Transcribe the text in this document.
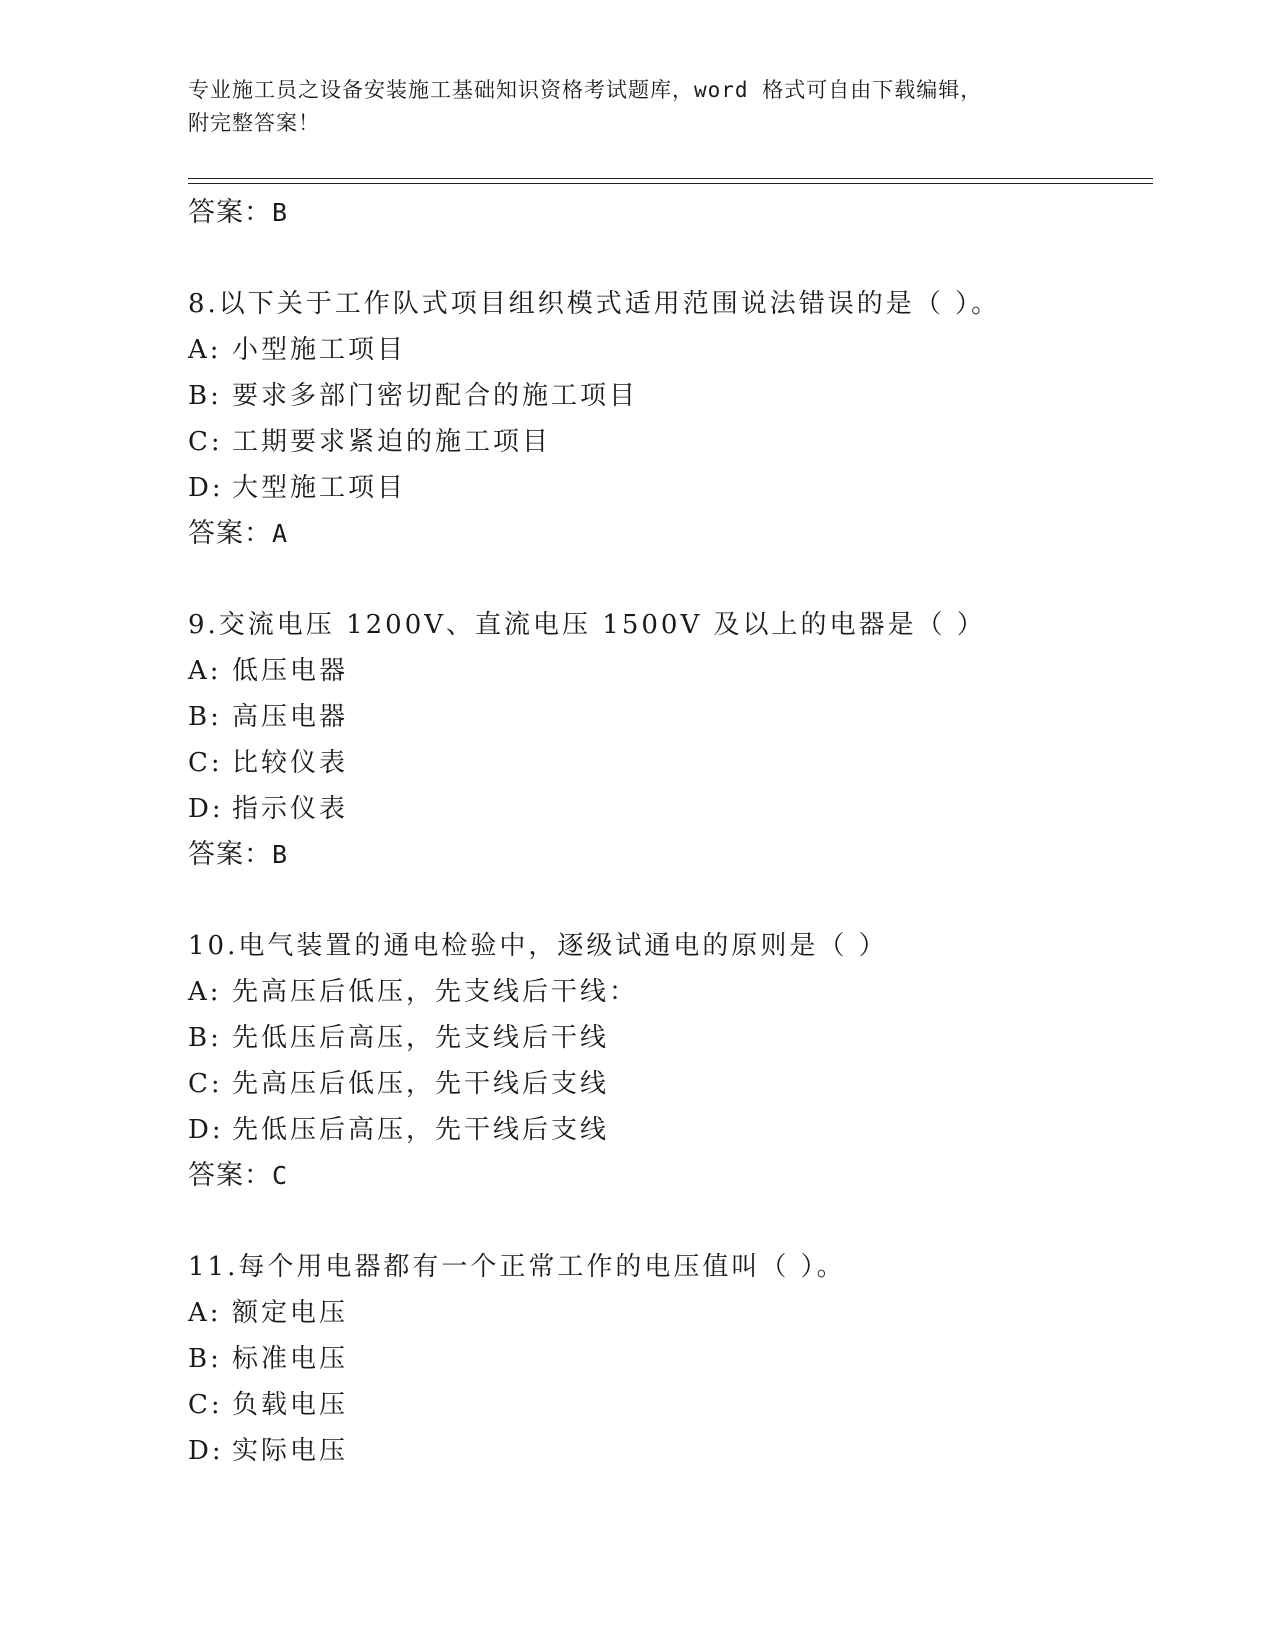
专业施工员之设备安装施工基础知识资格考试题库，word 格式可自由下载编辑，
附完整答案！
答案：B
8.以下关于工作队式项目组织模式适用范围说法错误的是（ ）。
A: 小型施工项目
B: 要求多部门密切配合的施工项目
C: 工期要求紧迫的施工项目
D: 大型施工项目
答案：A
9.交流电压 1200V、直流电压 1500V 及以上的电器是（ ）
A: 低压电器
B: 高压电器
C: 比较仪表
D: 指示仪表
答案：B
10.电气装置的通电检验中，逐级试通电的原则是（ ）
A: 先高压后低压，先支线后干线：
B: 先低压后高压，先支线后干线
C: 先高压后低压，先干线后支线
D: 先低压后高压，先干线后支线
答案：C
11.每个用电器都有一个正常工作的电压值叫（ ）。
A: 额定电压
B: 标准电压
C: 负载电压
D: 实际电压
